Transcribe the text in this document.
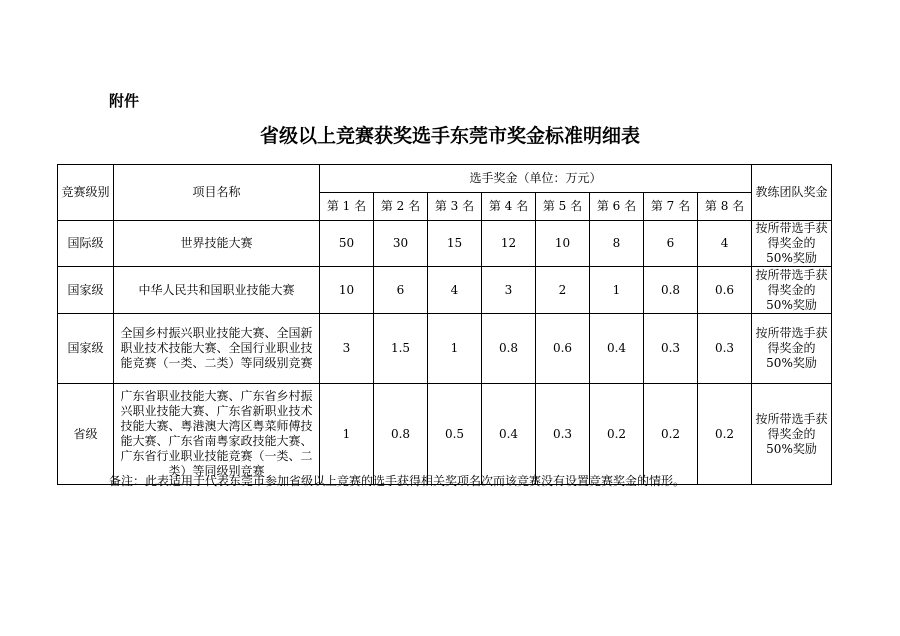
附件
省级以上竞赛获奖选手东莞市奖金标准明细表
竞赛级别	项目名称	选手奖金（单位：万元）								教练团队奖金
		第 1 名	第 2 名	第 3 名	第 4 名	第 5 名	第 6 名	第 7 名	第 8 名	
国际级	世界技能大赛	50	30	15	12	10	8	6	4	按所带选手获得奖金的 50%奖励
国家级	中华人民共和国职业技能大赛	10	6	4	3	2	1	0.8	0.6	按所带选手获得奖金的 50%奖励
国家级	全国乡村振兴职业技能大赛、全国新职业技术技能大赛、全国行业职业技能竞赛（一类、二类）等同级别竞赛	3	1.5	1	0.8	0.6	0.4	0.3	0.3	按所带选手获得奖金的 50%奖励
省级	广东省职业技能大赛、广东省乡村振兴职业技能大赛、广东省新职业技术技能大赛、粤港澳大湾区粤菜师傅技能大赛、广东省南粤家政技能大赛、广东省行业职业技能竞赛（一类、二类）等同级别竞赛	1	0.8	0.5	0.4	0.3	0.2	0.2	0.2	按所带选手获得奖金的 50%奖励
备注：此表适用于代表东莞市参加省级以上竞赛的选手获得相关奖项名次而该竞赛没有设置竞赛奖金的情形。
